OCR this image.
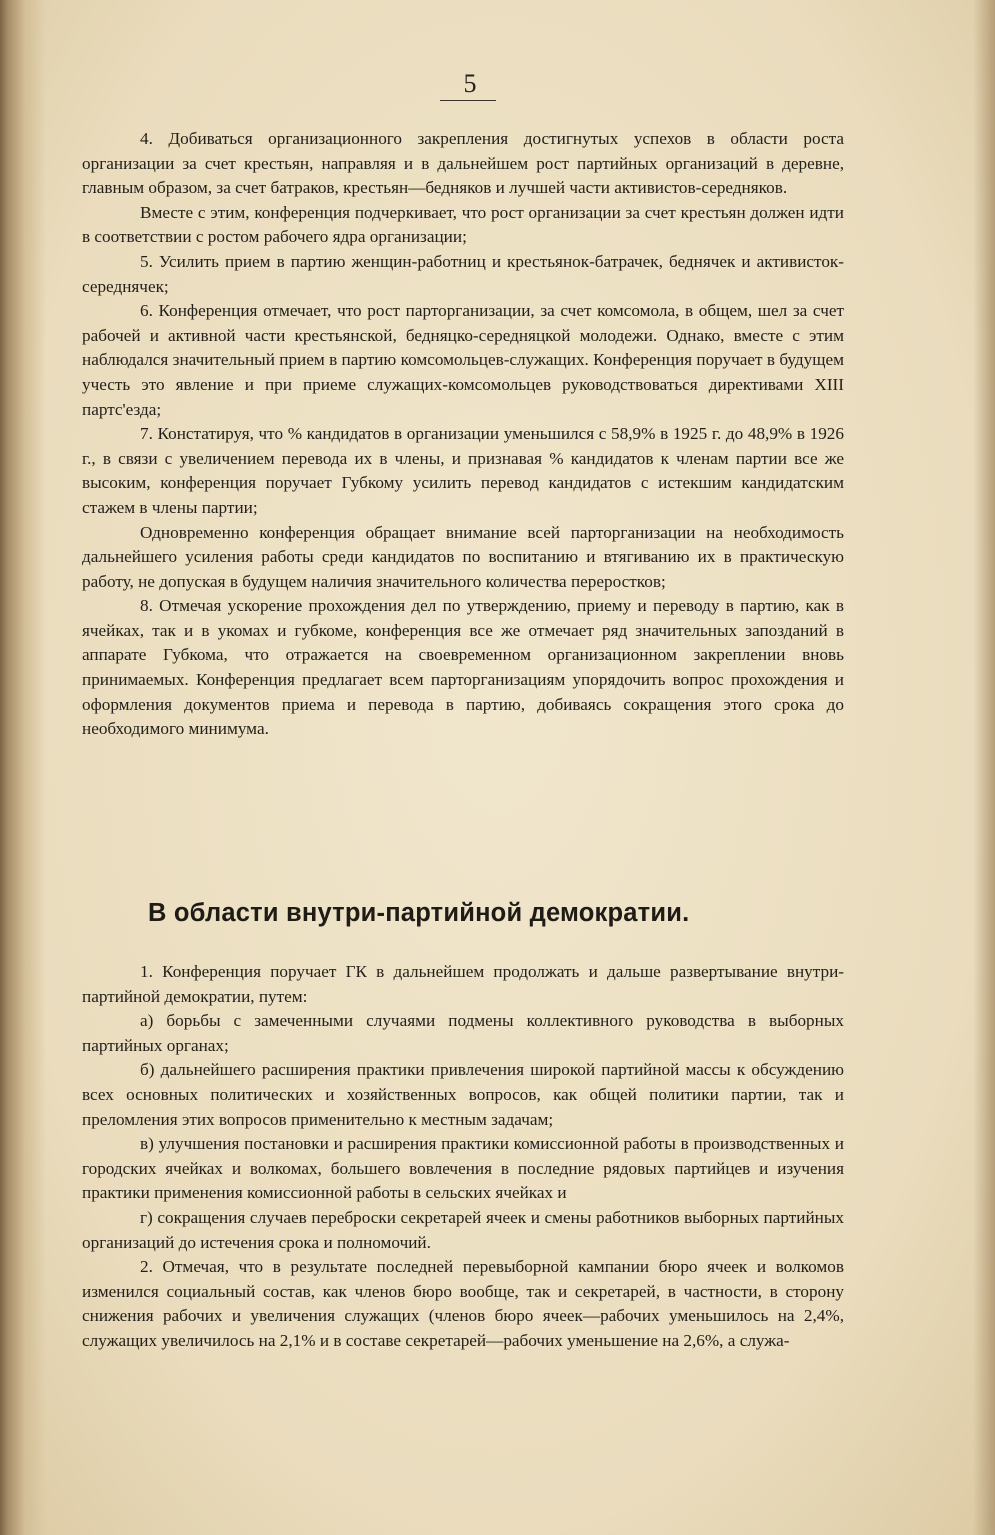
5

4. Добиваться организационного закрепления достигнутых успехов в области роста организации за счет крестьян, направляя и в дальнейшем рост партийных организаций в деревне, главным образом, за счет батраков, крестьян—бедняков и лучшей части активистов-середняков.

Вместе с этим, конференция подчеркивает, что рост организации за счет крестьян должен идти в соответствии с ростом рабочего ядра организации;

5. Усилить прием в партию женщин-работниц и крестьянок-батрачек, беднячек и активисток-середнячек;

6. Конференция отмечает, что рост парторганизации, за счет комсомола, в общем, шел за счет рабочей и активной части крестьянской, бедняцко-середняцкой молодежи. Однако, вместе с этим наблюдался значительный прием в партию комсомольцев-служащих. Конференция поручает в будущем учесть это явление и при приеме служащих-комсомольцев руководствоваться директивами XIII партс'езда;

7. Констатируя, что % кандидатов в организации уменьшился с 58,9% в 1925 г. до 48,9% в 1926 г., в связи с увеличением перевода их в члены, и признавая % кандидатов к членам партии все же высоким, конференция поручает Губкому усилить перевод кандидатов с истекшим кандидатским стажем в члены партии;

Одновременно конференция обращает внимание всей парторганизации на необходимость дальнейшего усиления работы среди кандидатов по воспитанию и втягиванию их в практическую работу, не допуская в будущем наличия значительного количества переростков;

8. Отмечая ускорение прохождения дел по утверждению, приему и переводу в партию, как в ячейках, так и в укомах и губкоме, конференция все же отмечает ряд значительных запозданий в аппарате Губкома, что отражается на своевременном организационном закреплении вновь принимаемых. Конференция предлагает всем парторганизациям упорядочить вопрос прохождения и оформления документов приема и перевода в партию, добиваясь сокращения этого срока до необходимого минимума.

В области внутри-партийной демократии.

1. Конференция поручает ГК в дальнейшем продолжать и дальше развертывание внутри-партийной демократии, путем:

а) борьбы с замеченными случаями подмены коллективного руководства в выборных партийных органах;

б) дальнейшего расширения практики привлечения широкой партийной массы к обсуждению всех основных политических и хозяйственных вопросов, как общей политики партии, так и преломления этих вопросов применительно к местным задачам;

в) улучшения постановки и расширения практики комиссионной работы в производственных и городских ячейках и волкомах, большего вовлечения в последние рядовых партийцев и изучения практики применения комиссионной работы в сельских ячейках и

г) сокращения случаев переброски секретарей ячеек и смены работников выборных партийных организаций до истечения срока и полномочий.

2. Отмечая, что в результате последней перевыборной кампании бюро ячеек и волкомов изменился социальный состав, как членов бюро вообще, так и секретарей, в частности, в сторону снижения рабочих и увеличения служащих (членов бюро ячеек—рабочих уменьшилось на 2,4%, служащих увеличилось на 2,1% и в составе секретарей—рабочих уменьшение на 2,6%, а служа-
